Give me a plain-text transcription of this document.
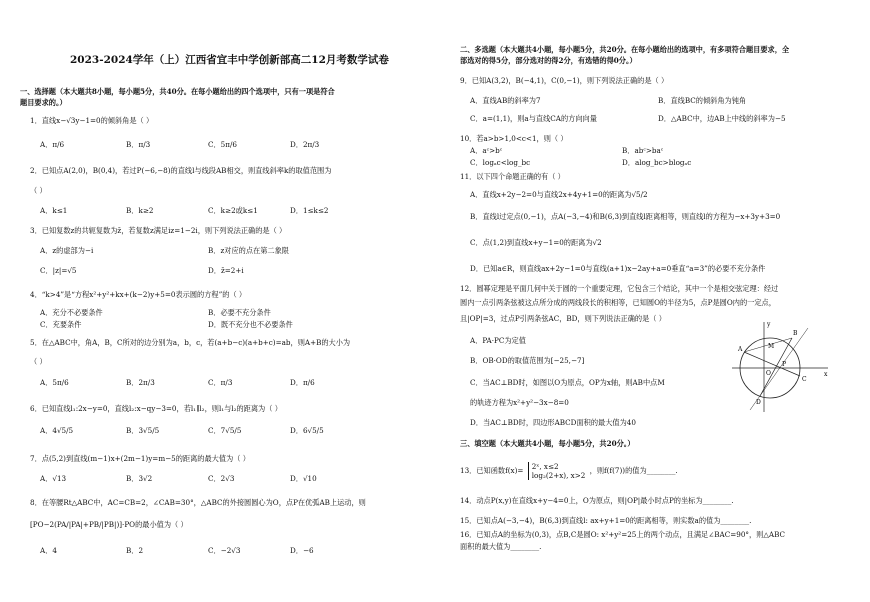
2023-2024学年（上）江西省宜丰中学创新部高二12月考数学试卷
一、选择题（本大题共8小题，每小题5分，共40分。在每小题给出的四个选项中，只有一项是符合
题目要求的。）
1．直线x−√3y−1=0的倾斜角是（ ）
A．π/6	B．π/3	C．5π/6	D．2π/3
2．已知点A(2,0)，B(0,4)，若过P(−6,−8)的直线l与线段AB相交，则直线斜率k的取值范围为
（ ）
A．k≤1	B．k≥2	C．k≥2或k≤1	D．1≤k≤2
3．已知复数z的共轭复数为z̄，若复数z满足iz=1−2i，则下列说法正确的是（ ）
A．z的虚部为−i	B．z对应的点在第二象限
C．|z|=√5	D．z̄=2+i
4．“k>4”是“方程x²+y²+kx+(k−2)y+5=0表示圆的方程”的（ ）
A．充分不必要条件	B．必要不充分条件
C．充要条件	D．既不充分也不必要条件
5．在△ABC中，角A，B，C所对的边分别为a，b，c，若(a+b−c)(a+b+c)=ab，则A+B的大小为
（ ）
A．5π/6	B．2π/3	C．π/3	D．π/6
6．已知直线l₁:2x−y=0，直线l₂:x−qy−3=0，若l₁∥l₂，则l₁与l₂的距离为（ ）
A．4√5/5	B．3√5/5	C．7√5/5	D．6√5/5
7．点(5,2)到直线(m−1)x+(2m−1)y=m−5的距离的最大值为（ ）
A．√13	B．3√2	C．2√3	D．√10
8．在等腰Rt△ABC中，AC=CB=2，∠CAB=30°，△ABC的外接圆圆心为O，点P在优弧AB上运动，则
[PO−2(PA/|PA|+PB/|PB|)]·PO的最小值为（ ）
A．4	B．2	C．−2√3	D．−6
二、多选题（本大题共4小题，每小题5分，共20分。在每小题给出的选项中，有多项符合题目要求，全
部选对的得5分，部分选对的得2分，有选错的得0分。）
9．已知A(3,2)，B(−4,1)，C(0,−1)，则下列说法正确的是（ ）
A．直线AB的斜率为7	B．直线BC的倾斜角为钝角
C．a=(1,1)，则a与直线CA的方向向量	D．△ABC中，边AB上中线的斜率为−5
10．若a>b>1,0<c<1，则（ ）
A．aᶜ>bᶜ	B．abᶜ>baᶜ
C．logₐc<log_bc	D．alog_bc>blogₐc
11．以下四个命题正确的有（ ）
A．直线x+2y−2=0与直线2x+4y+1=0的距离为√5/2
B．直线l过定点(0,−1)，点A(−3,−4)和B(6,3)到直线l距离相等，则直线l的方程为−x+3y+3=0
C．点(1,2)到直线x+y−1=0的距离为√2
D．已知a∈R，则直线ax+2y−1=0与直线(a+1)x−2ay+a=0垂直“a=3”的必要不充分条件
12．圆幂定理是平面几何中关于圆的一个重要定理，它包含三个结论，其中一个是相交弦定理：经过
圆内一点引两条弦被这点所分成的两线段长的积相等，已知圆O的半径为5，点P是圆O内的一定点，
且|OP|=3，过点P引两条弦AC，BD，则下列说法正确的是（ ）
A．PA·PC为定值
B．OB·OD的取值范围为[−25,−7]
C．当AC⊥BD时，如图以O为原点，OP为x轴，则AB中点M
的轨迹方程为x²+y²−3x−8=0
D．当AC⊥BD时，四边形ABCD面积的最大值为40
A
B
C
D
M
O
P
x
y
三、填空题（本大题共4小题，每小题5分，共20分。）
13．已知函数f(x)= 2ˣ, x≤2
log₂(2+x), x>2
，则f(f(7))的值为________.
14．动点P(x,y)在直线x+y−4=0上，O为原点，则|OP|最小时点P的坐标为________.
15．已知点A(−3,−4)，B(6,3)到直线l: ax+y+1=0的距离相等，则实数a的值为________.
16．已知点A的坐标为(0,3)，点B,C是圆O: x²+y²=25上的两个动点，且满足∠BAC=90°，则△ABC
面积的最大值为________.
